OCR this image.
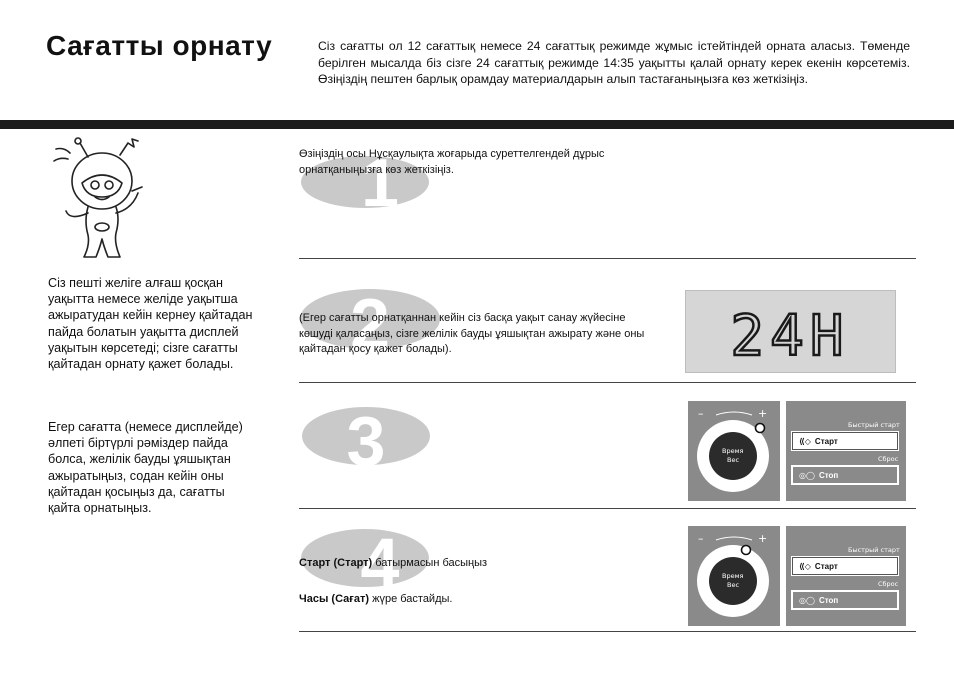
Сағатты орнату	Сіз сағатты ол 12 сағаттық немесе 24 сағаттық режимде жұмыс істейтіндей орната аласыз. Төменде берілген мысалда біз сізге 24 сағаттық режимде 14:35 уақытты қалай орнату керек екенін көрсетеміз. Өзіңіздің пештен барлық орамдау материалдарын алып тастағаныңызға көз жеткізіңіз.
Сіз пешті желіге алғаш қосқан уақытта немесе желіде уақытша ажыратудан кейін кернеу қайтадан пайда болатын уақытта дисплей уақытын көрсетеді; сізге сағатты қайтадан орнату қажет болады.
Егер сағатта (немесе дисплейде) әлпеті біртүрлі рәміздер пайда болса, желілік бауды ұяшықтан ажыратыңыз, содан кейін оны қайтадан қосыңыз да, сағатты қайта орнатыңыз.
1
Өзіңіздің осы Нұсқаулықта жоғарыда суреттелгендей дұрыс орнатқаныңызға көз жеткізіңіз.
2
(Егер сағатты орнатқаннан кейін сіз басқа уақыт санау жүйесіне көшуді қаласаңыз, сізге желілік бауды ұяшықтан ажырату және оны қайтадан қосу қажет болады).	24H
3	–	+
Время
Вес
Быстрый старт
⟪◇ Старт
Сброс
◎◯ Стоп
4
Старт (Старт) батырмасын басыңыз
Часы (Сағат) жүре бастайды.
–	+
Время
Вес
Быстрый старт
⟪◇ Старт
Сброс
◎◯ Стоп
